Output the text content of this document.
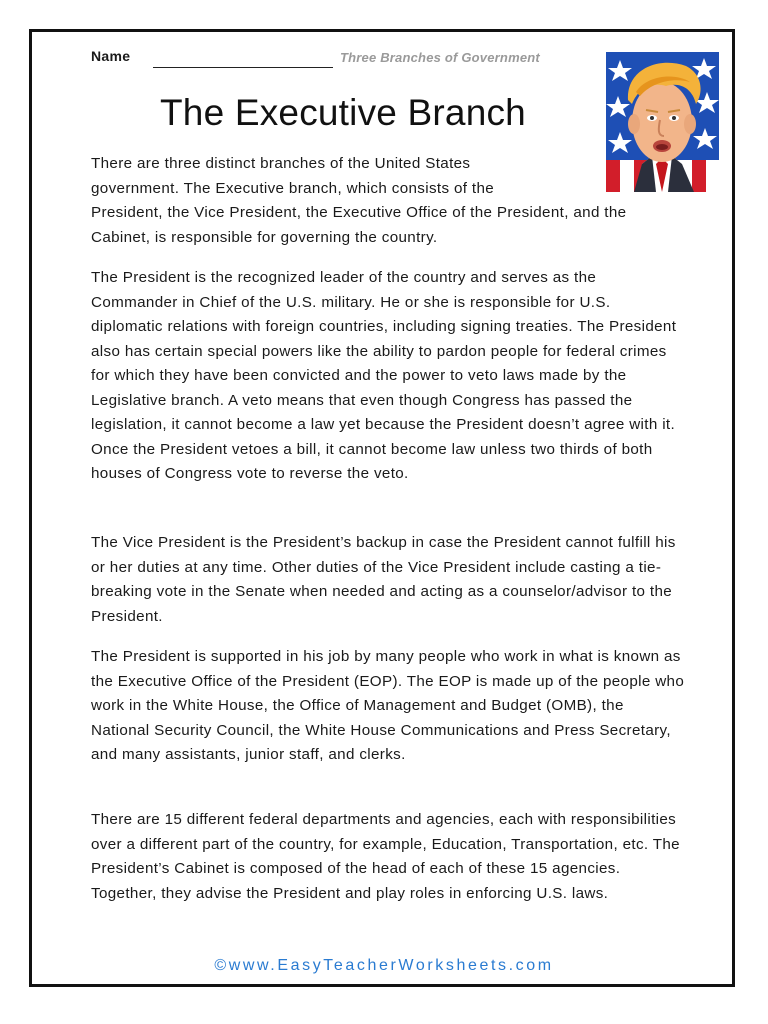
Name	Three Branches of Government
The Executive Branch
There are three distinct branches of the United States
government. The Executive branch, which consists of the
President, the Vice President, the Executive Office of the President, and the Cabinet, is responsible for governing the country.

The President is the recognized leader of the country and serves as the Commander in Chief of the U.S. military. He or she is responsible for U.S. diplomatic relations with foreign countries, including signing treaties. The President also has certain special powers like the ability to pardon people for federal crimes for which they have been convicted and the power to veto laws made by the Legislative branch. A veto means that even though Congress has passed the legislation, it cannot become a law yet because the President doesn’t agree with it. Once the President vetoes a bill, it cannot become law unless two thirds of both houses of Congress vote to reverse the veto.

The Vice President is the President’s backup in case the President cannot fulfill his or her duties at any time. Other duties of the Vice President include casting a tie-breaking vote in the Senate when needed and acting as a counselor/advisor to the President.

The President is supported in his job by many people who work in what is known as the Executive Office of the President (EOP). The EOP is made up of the people who work in the White House, the Office of Management and Budget (OMB), the National Security Council, the White House Communications and Press Secretary, and many assistants, junior staff, and clerks.

There are 15 different federal departments and agencies, each with responsibilities over a different part of the country, for example, Education, Transportation, etc. The President’s Cabinet is composed of the head of each of these 15 agencies. Together, they advise the President and play roles in enforcing U.S. laws.

©www.EasyTeacherWorksheets.com
